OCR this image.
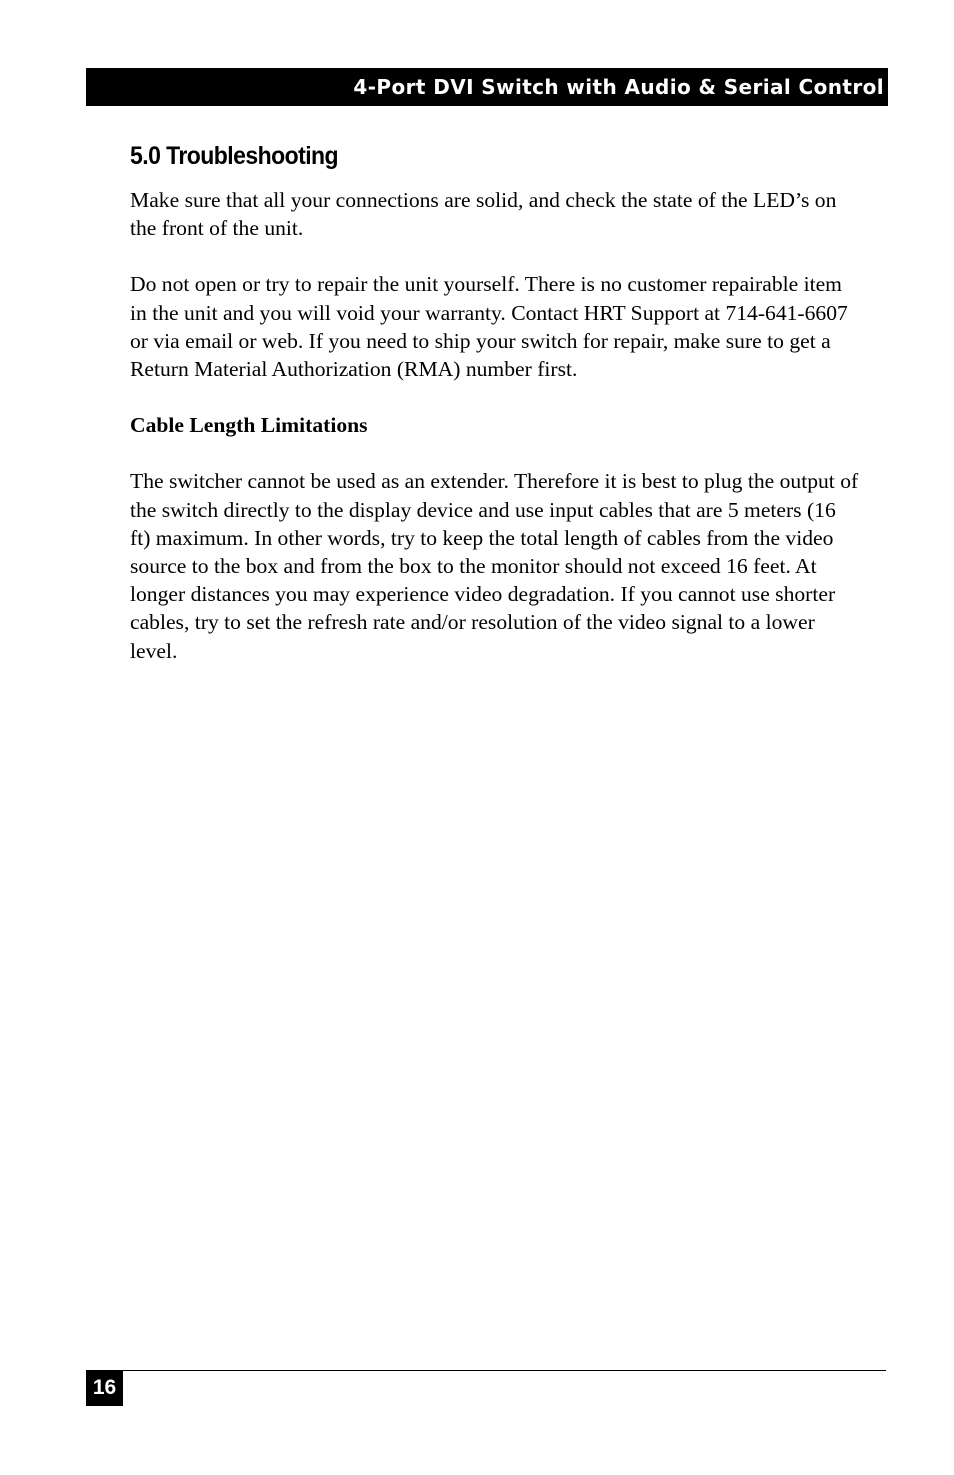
4-Port DVI Switch with Audio & Serial Control
5.0 Troubleshooting

Make sure that all your connections are solid, and check the state of the LED’s on the front of the unit.

Do not open or try to repair the unit yourself. There is no customer repairable item in the unit and you will void your warranty. Contact HRT Support at 714-641-6607 or via email or web. If you need to ship your switch for repair, make sure to get a Return Material Authorization (RMA) number first.

Cable Length Limitations

The switcher cannot be used as an extender. Therefore it is best to plug the output of the switch directly to the display device and use input cables that are 5 meters (16 ft) maximum. In other words, try to keep the total length of cables from the video source to the box and from the box to the monitor should not exceed 16 feet. At longer distances you may experience video degradation. If you cannot use shorter cables, try to set the refresh rate and/or resolution of the video signal to a lower level.

16
